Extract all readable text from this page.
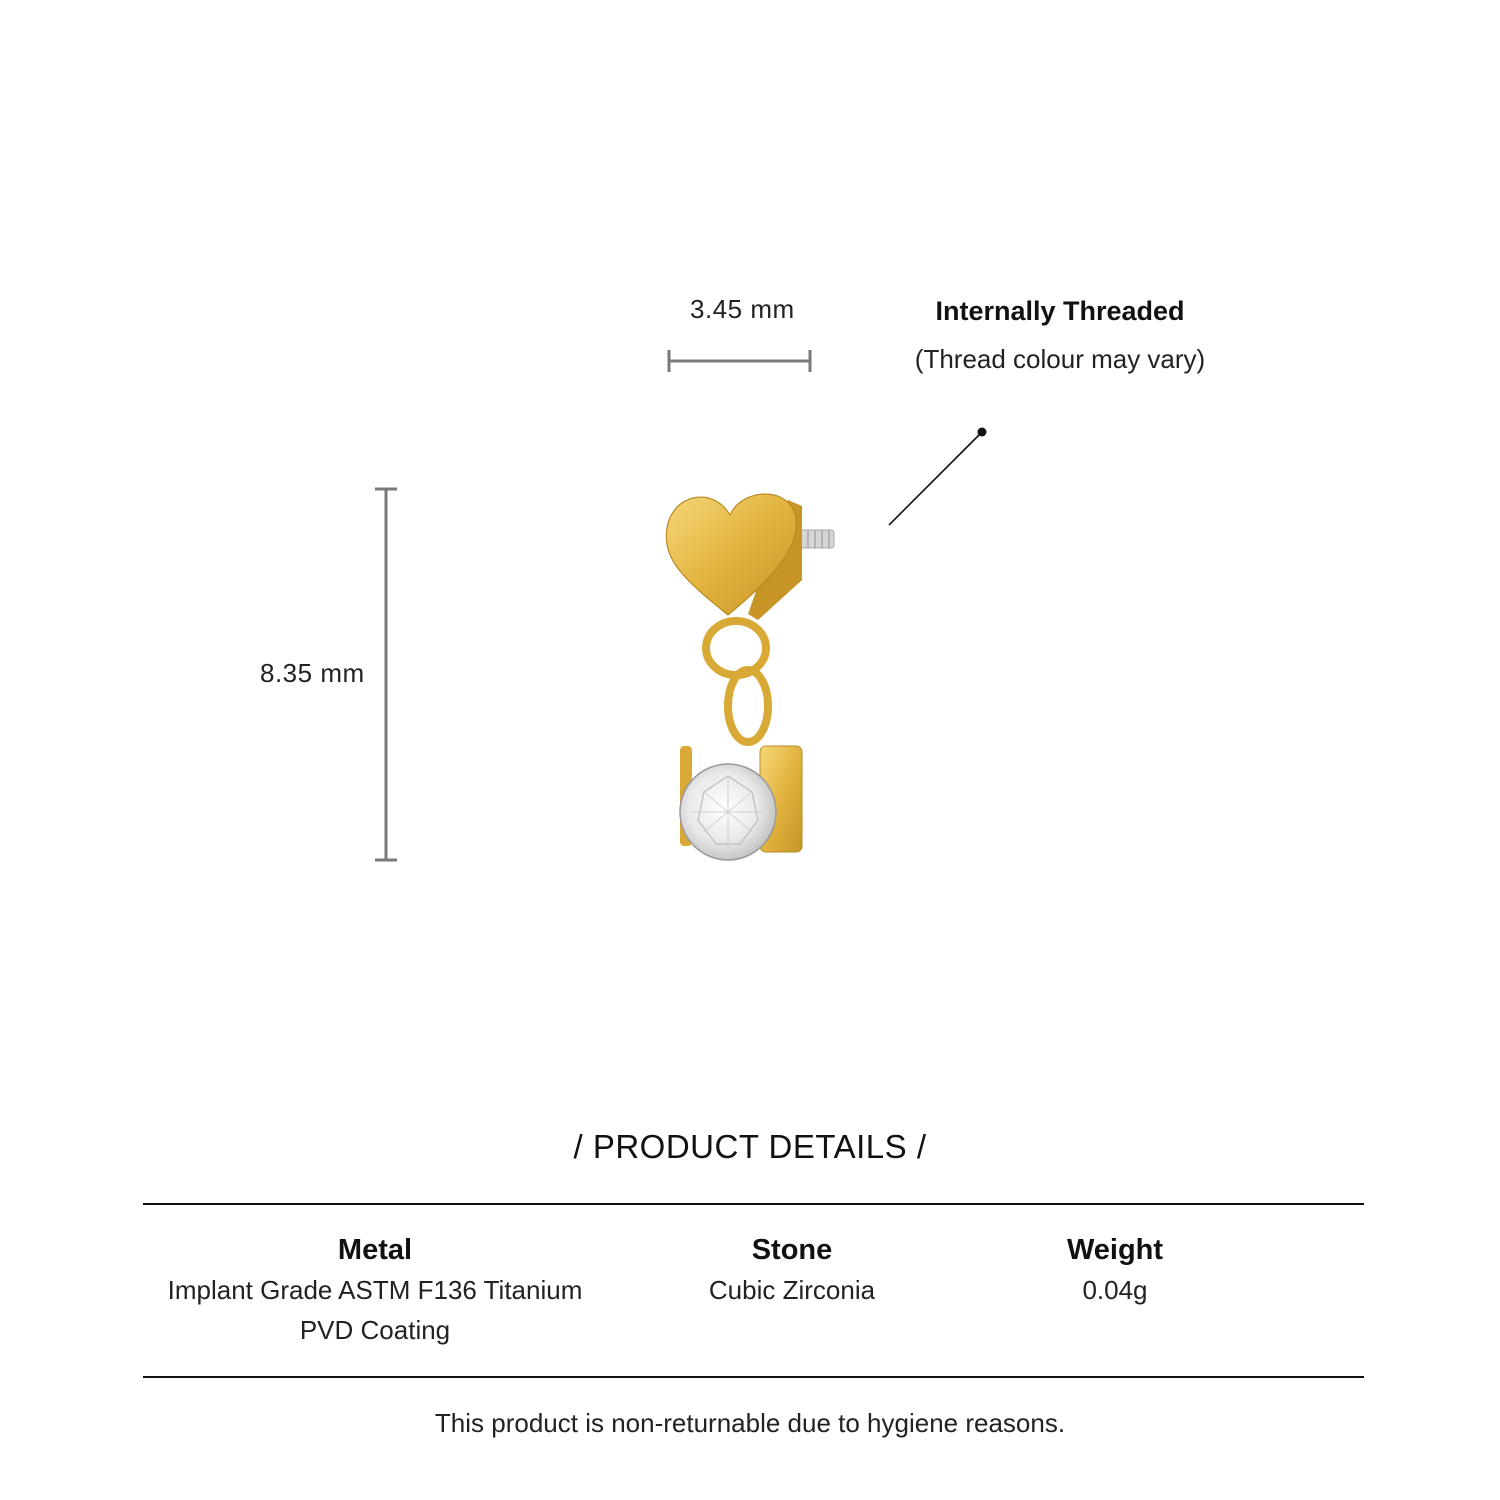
3.45 mm
8.35 mm
Internally Threaded
(Thread colour may vary)
/ PRODUCT DETAILS /
Metal
Implant Grade ASTM F136 Titanium
PVD Coating
Stone
Cubic Zirconia
Weight
0.04g
This product is non-returnable due to hygiene reasons.
